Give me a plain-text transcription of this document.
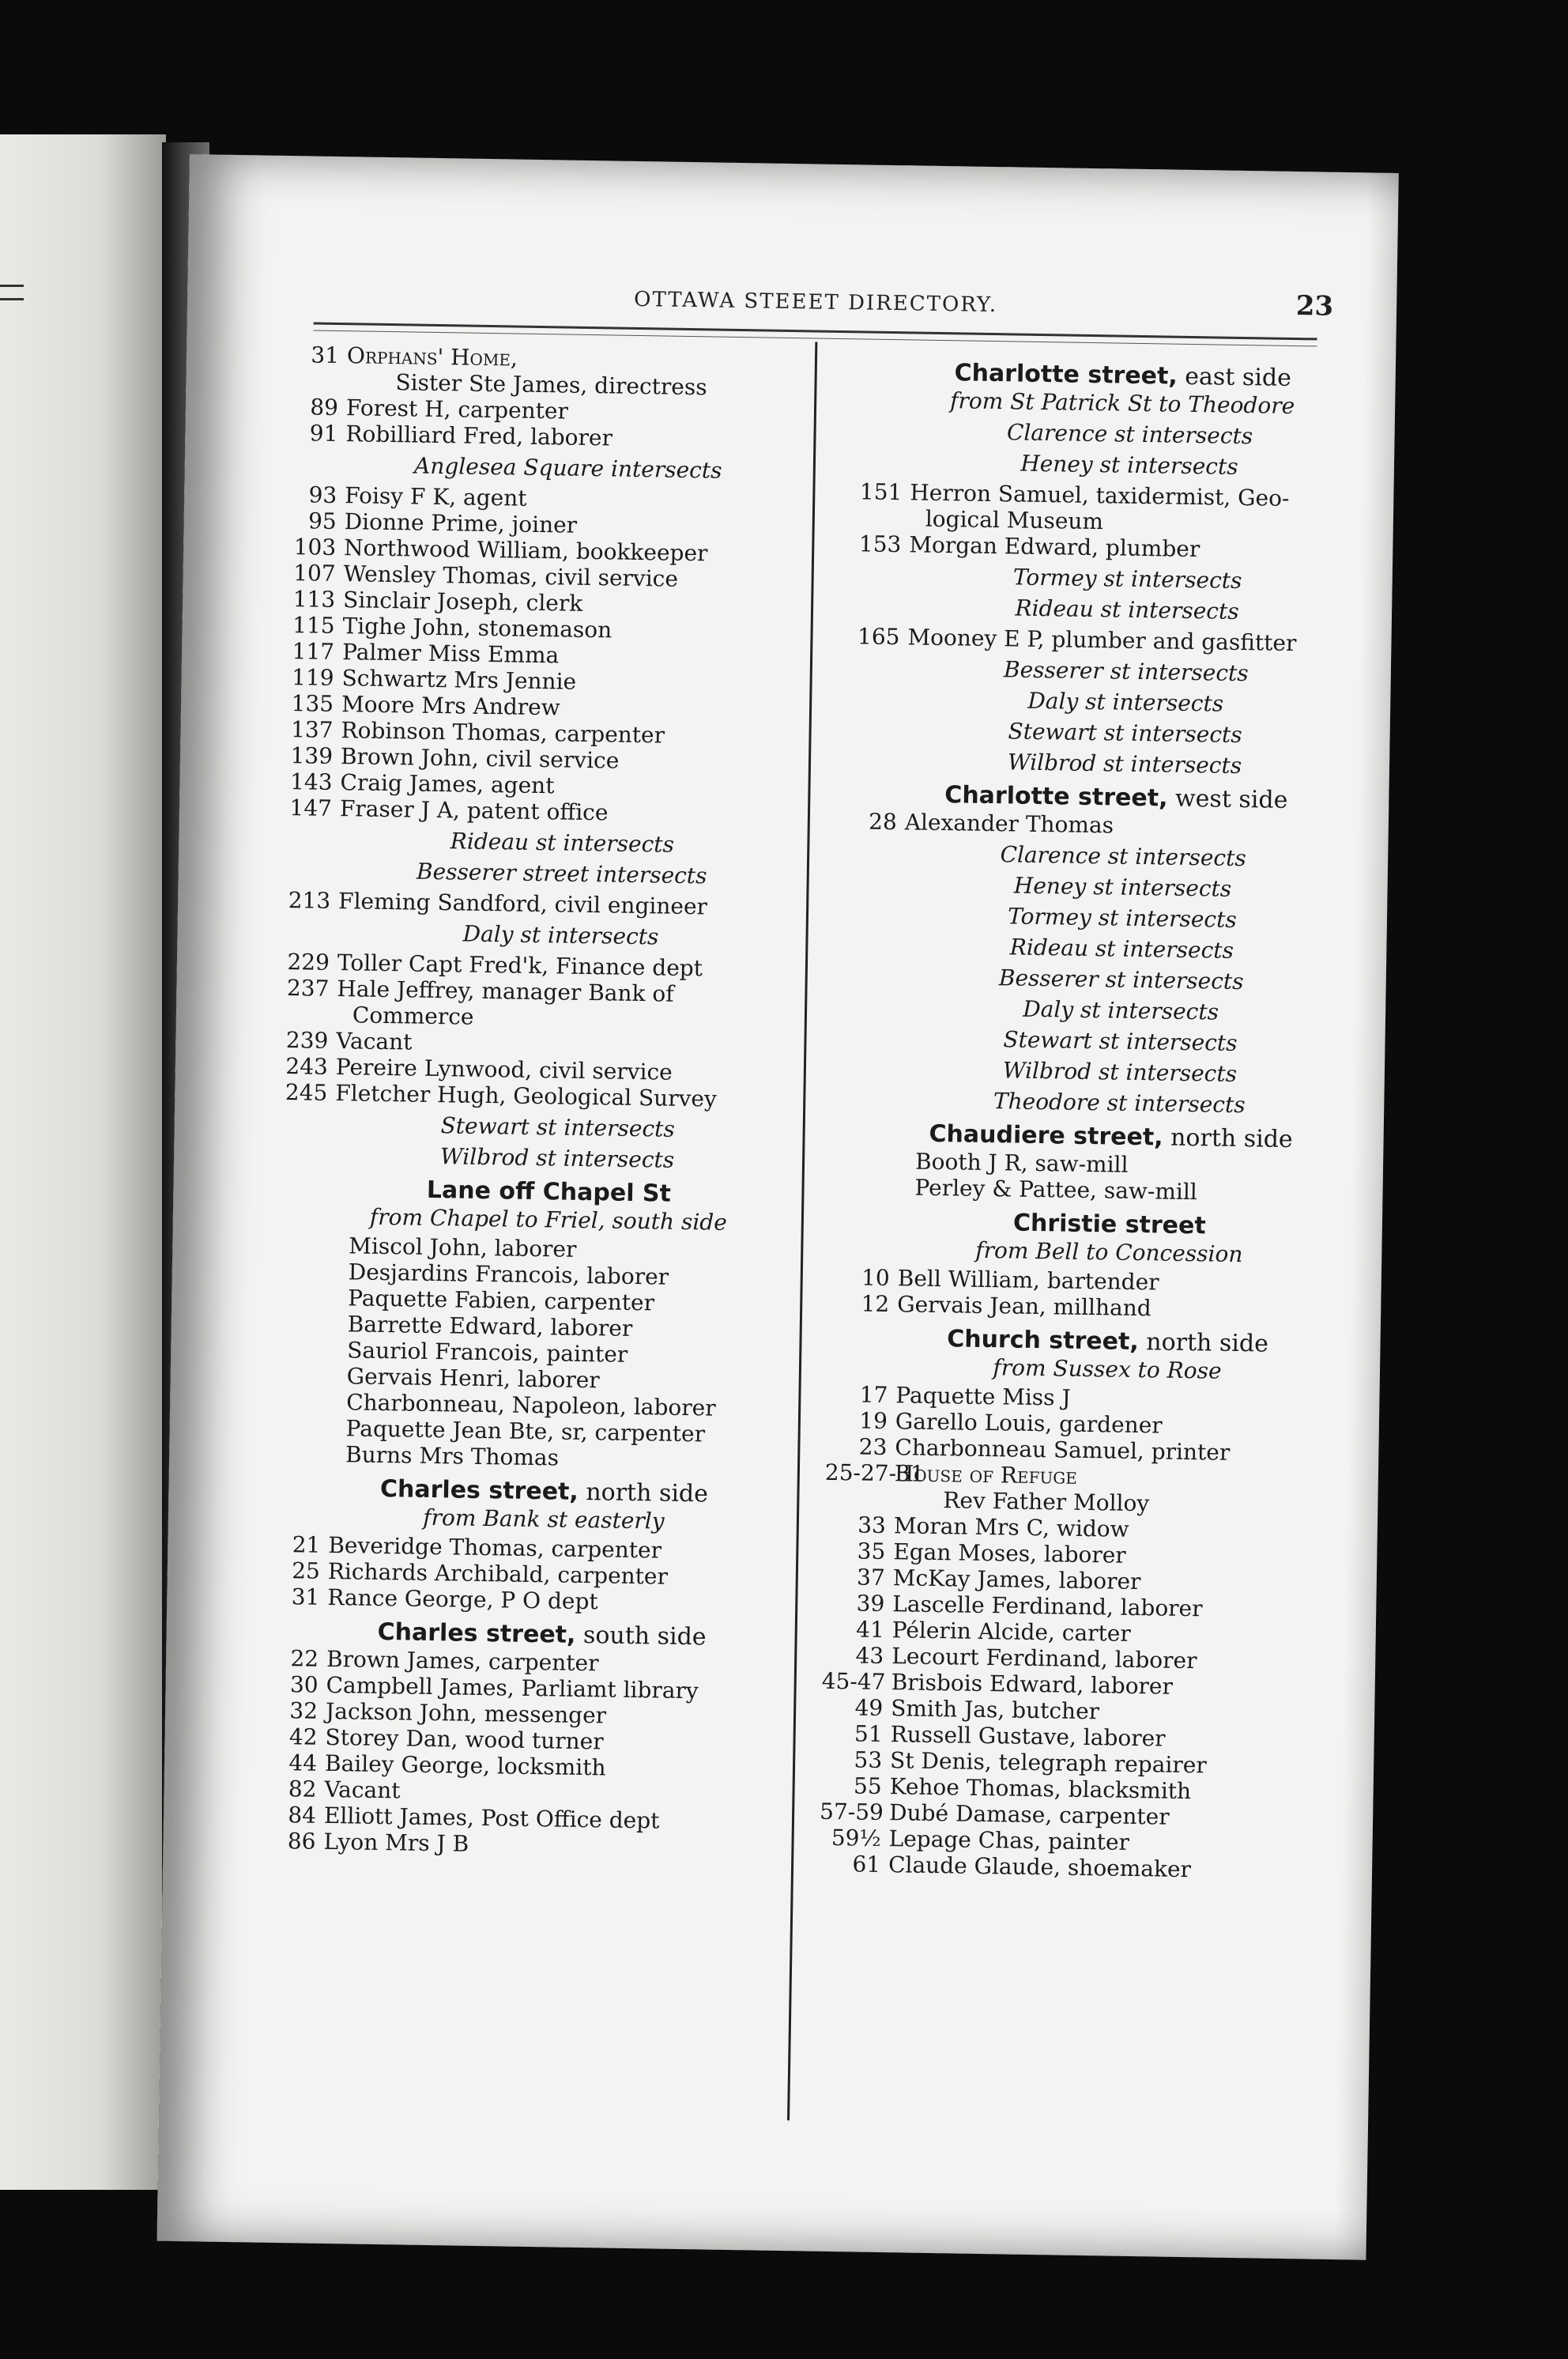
OTTAWA STEEET DIRECTORY.	23
31 Orphans' Home,
Sister Ste James, directress
89 Forest H, carpenter
91 Robilliard Fred, laborer
Anglesea Square intersects
93 Foisy F K, agent
95 Dionne Prime, joiner
103 Northwood William, bookkeeper
107 Wensley Thomas, civil service
113 Sinclair Joseph, clerk
115 Tighe John, stonemason
117 Palmer Miss Emma
119 Schwartz Mrs Jennie
135 Moore Mrs Andrew
137 Robinson Thomas, carpenter
139 Brown John, civil service
143 Craig James, agent
147 Fraser J A, patent office
Rideau st intersects
Besserer street intersects
213 Fleming Sandford, civil engineer
Daly st intersects
229 Toller Capt Fred'k, Finance dept
237 Hale Jeffrey, manager Bank of
Commerce
239 Vacant
243 Pereire Lynwood, civil service
245 Fletcher Hugh, Geological Survey
Stewart st intersects
Wilbrod st intersects
Lane off Chapel St
from Chapel to Friel, south side
Miscol John, laborer
Desjardins Francois, laborer
Paquette Fabien, carpenter
Barrette Edward, laborer
Sauriol Francois, painter
Gervais Henri, laborer
Charbonneau, Napoleon, laborer
Paquette Jean Bte, sr, carpenter
Burns Mrs Thomas
Charles street, north side
from Bank st easterly
21 Beveridge Thomas, carpenter
25 Richards Archibald, carpenter
31 Rance George, P O dept
Charles street, south side
22 Brown James, carpenter
30 Campbell James, Parliamt library
32 Jackson John, messenger
42 Storey Dan, wood turner
44 Bailey George, locksmith
82 Vacant
84 Elliott James, Post Office dept
86 Lyon Mrs J B
Charlotte street, east side
from St Patrick St to Theodore
Clarence st intersects
Heney st intersects
151 Herron Samuel, taxidermist, Geo-
logical Museum
153 Morgan Edward, plumber
Tormey st intersects
Rideau st intersects
165 Mooney E P, plumber and gasfitter
Besserer st intersects
Daly st intersects
Stewart st intersects
Wilbrod st intersects
Charlotte street, west side
28 Alexander Thomas
Clarence st intersects
Heney st intersects
Tormey st intersects
Rideau st intersects
Besserer st intersects
Daly st intersects
Stewart st intersects
Wilbrod st intersects
Theodore st intersects
Chaudiere street, north side
Booth J R, saw-mill
Perley & Pattee, saw-mill
Christie street
from Bell to Concession
10 Bell William, bartender
12 Gervais Jean, millhand
Church street, north side
from Sussex to Rose
17 Paquette Miss J
19 Garello Louis, gardener
23 Charbonneau Samuel, printer
25-27-31
House of Refuge
Rev Father Molloy
33 Moran Mrs C, widow
35 Egan Moses, laborer
37 McKay James, laborer
39 Lascelle Ferdinand, laborer
41 Pélerin Alcide, carter
43 Lecourt Ferdinand, laborer
45-47 Brisbois Edward, laborer
49 Smith Jas, butcher
51 Russell Gustave, laborer
53 St Denis, telegraph repairer
55 Kehoe Thomas, blacksmith
57-59 Dubé Damase, carpenter
59½ Lepage Chas, painter
61 Claude Glaude, shoemaker
